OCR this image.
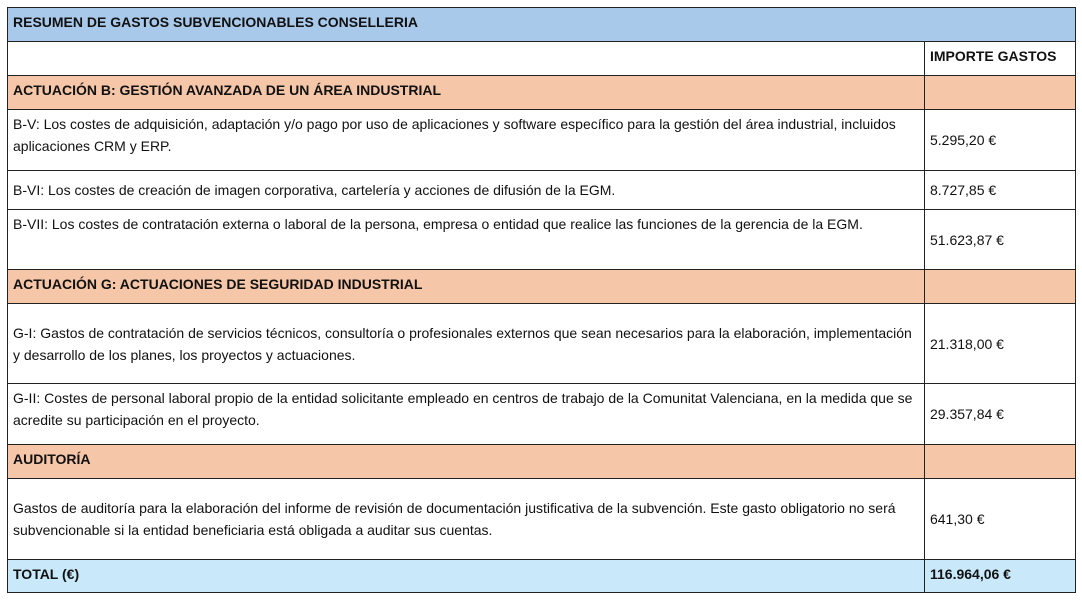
RESUMEN DE GASTOS SUBVENCIONABLES CONSELLERIA	
	IMPORTE GASTOS
ACTUACIÓN B: GESTIÓN AVANZADA DE UN ÁREA INDUSTRIAL	
B-V: Los costes de adquisición, adaptación y/o pago por uso de aplicaciones y software específico para la gestión del área industrial, incluidos aplicaciones CRM y ERP.	5.295,20 €
B-VI: Los costes de creación de imagen corporativa, cartelería y acciones de difusión de la EGM.	8.727,85 €
B-VII: Los costes de contratación externa o laboral de la persona, empresa o entidad que realice las funciones de la gerencia de la EGM.	51.623,87 €
ACTUACIÓN G: ACTUACIONES DE SEGURIDAD INDUSTRIAL	
G-I: Gastos de contratación de servicios técnicos, consultoría o profesionales externos que sean necesarios para la elaboración, implementación y desarrollo de los planes, los proyectos y actuaciones.	21.318,00 €
G-II: Costes de personal laboral propio de la entidad solicitante empleado en centros de trabajo de la Comunitat Valenciana, en la medida que se acredite su participación en el proyecto.	29.357,84 €
AUDITORÍA	
Gastos de auditoría para la elaboración del informe de revisión de documentación justificativa de la subvención. Este gasto obligatorio no será subvencionable si la entidad beneficiaria está obligada a auditar sus cuentas.	641,30 €
TOTAL (€)	116.964,06 €
